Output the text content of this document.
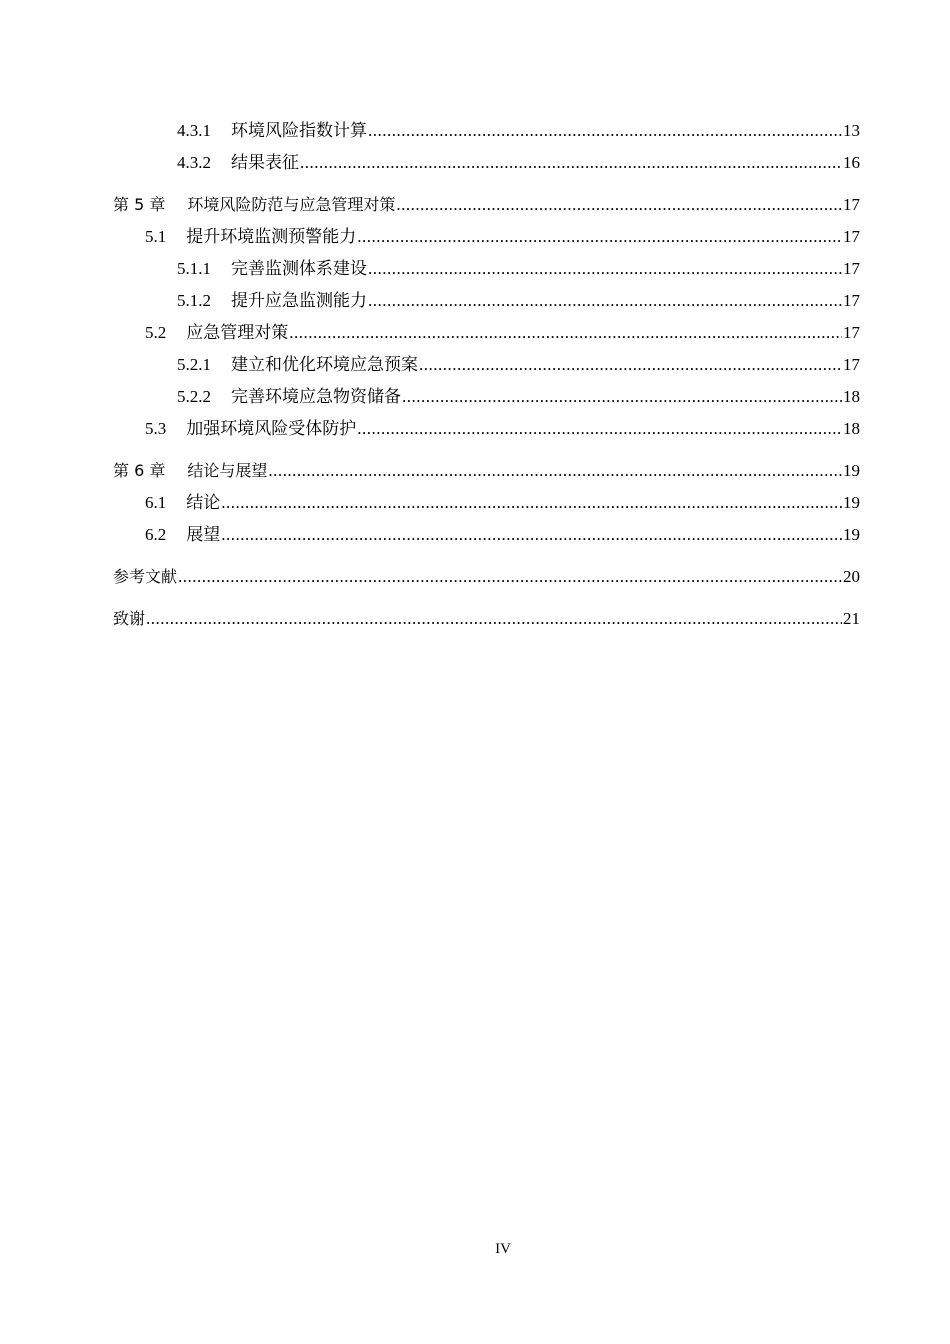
4.3.1 环境风险指数计算 .....	13
4.3.2 结果表征 .....	16
第 5 章 环境风险防范与应急管理对策 .....	17
5.1 提升环境监测预警能力 .....	17
5.1.1 完善监测体系建设 .....	17
5.1.2 提升应急监测能力 .....	17
5.2 应急管理对策 .....	17
5.2.1 建立和优化环境应急预案 .....	17
5.2.2 完善环境应急物资储备 .....	18
5.3 加强环境风险受体防护 .....	18
第 6 章 结论与展望 .....	19
6.1 结论 .....	19
6.2 展望 .....	19
参考文献 .....	20
致谢 .....	21
IV
